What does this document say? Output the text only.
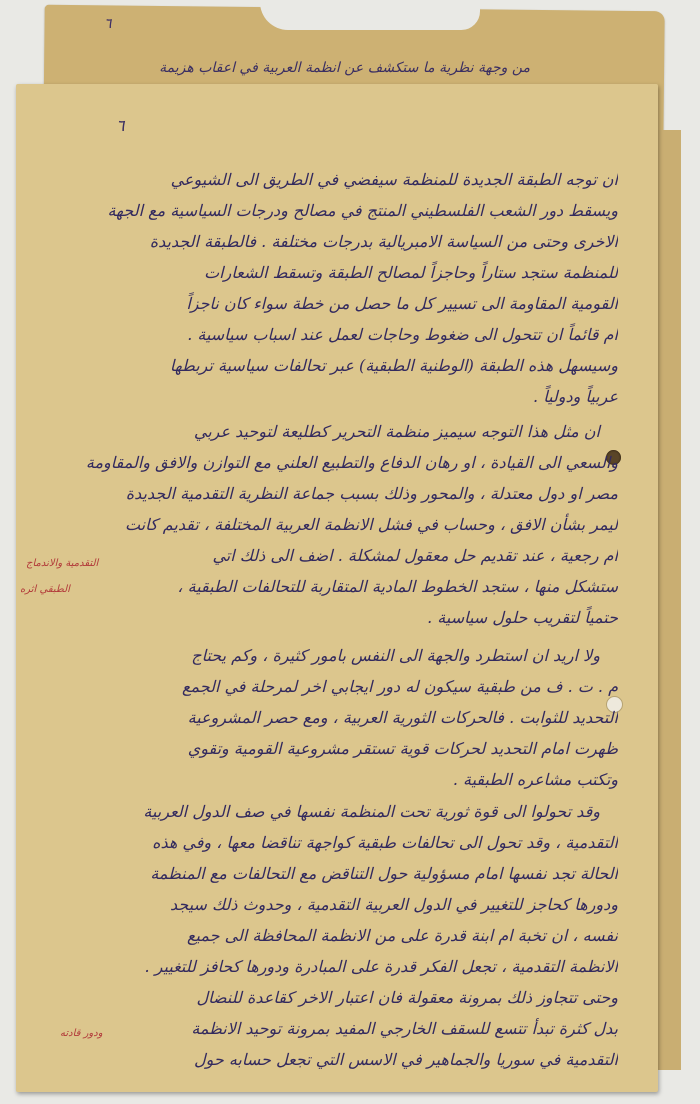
٦
من وجهة نظرية ما ستكشف عن انظمة العربية في اعقاب هزيمة
٦
ان توجه الطبقة الجديدة للمنظمة سيفضي في الطريق الى الشيوعي
ويسقط دور الشعب الفلسطيني المنتج في مصالح ودرجات السياسية مع الجهة
الاخرى وحتى من السياسة الامبريالية بدرجات مختلفة . فالطبقة الجديدة
للمنظمة ستجد ستاراً وحاجزاً لمصالح الطبقة وتسقط الشعارات
القومية المقاومة الى تسيير كل ما حصل من خطة سواء كان ناجزاً
ام قائماً ان تتحول الى ضغوط وحاجات لعمل عند اسباب سياسية .
وسيسهل هذه الطبقة (الوطنية الطبقية) عبر تحالفات سياسية تربطها
عربياً ودولياً .
ان مثل هذا التوجه سيميز منظمة التحرير كطليعة لتوحيد عربي
والسعي الى القيادة ، او رهان الدفاع والتطبيع العلني مع التوازن والافق والمقاومة
مصر او دول معتدلة ، والمحور وذلك بسبب جماعة النظرية التقدمية الجديدة
ليمر بشأن الافق ، وحساب في فشل الانظمة العربية المختلفة ، تقديم كانت
ام رجعية ، عند تقديم حل معقول لمشكلة . اضف الى ذلك اتي
ستشكل منها ، ستجد الخطوط المادية المتقاربة للتحالفات الطبقية ،
حتمياً لتقريب حلول سياسية .
ولا اريد ان استطرد والجهة الى النفس بامور كثيرة ، وكم يحتاج
م . ت . ف من طبقية سيكون له دور ايجابي اخر لمرحلة في الجمع
التحديد للثوابت . فالحركات الثورية العربية ، ومع حصر المشروعية
ظهرت امام التحديد لحركات قوية تستقر مشروعية القومية وتقوي
وتكتب مشاعره الطبقية .
وقد تحولوا الى قوة ثورية تحت المنظمة نفسها في صف الدول العربية
التقدمية ، وقد تحول الى تحالفات طبقية كواجهة تناقضا معها ، وفي هذه
الحالة تجد نفسها امام مسؤولية حول التناقض مع التحالفات مع المنظمة
ودورها كحاجز للتغيير في الدول العربية التقدمية ، وحدوث ذلك سيجد
نفسه ، ان تخبة ام ابنة قدرة على من الانظمة المحافظة الى جميع
الانظمة التقدمية ، تجعل الفكر قدرة على المبادرة ودورها كحافز للتغيير .
وحتى تتجاوز ذلك بمرونة معقولة فان اعتبار الاخر كقاعدة للنضال
بدل كثرة تبدأ تتسع للسقف الخارجي المفيد بمرونة توحيد الانظمة
التقدمية في سوريا والجماهير في الاسس التي تجعل حسابه حول
التقدمية والاندماج
الطبقي اثره
ودور قادته
